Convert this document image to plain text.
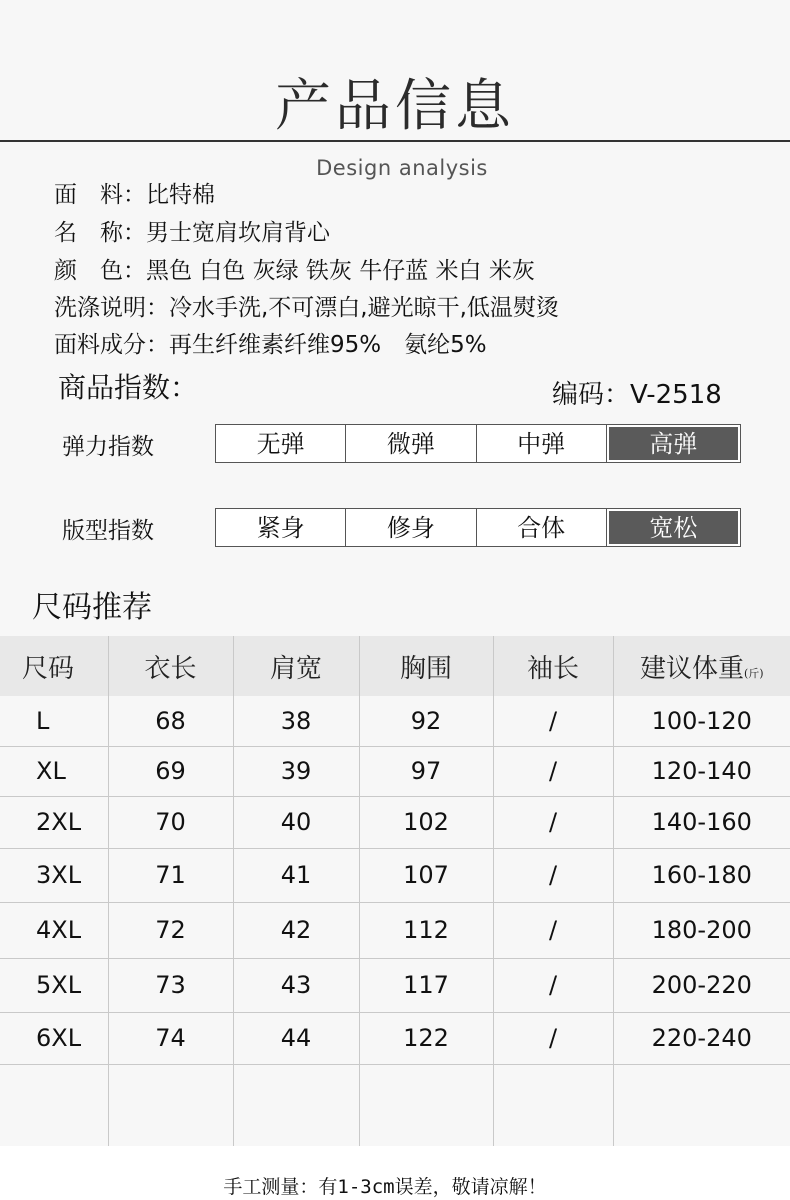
产品信息
Design analysis
面　料：比特棉
名　称：男士宽肩坎肩背心
颜　色：黑色 白色 灰绿 铁灰 牛仔蓝 米白 米灰
洗涤说明：冷水手洗,不可漂白,避光晾干,低温熨烫
面料成分：再生纤维素纤维95%　氨纶5%
商品指数：	编码：V-2518
弹力指数	无弹	微弹	中弹	高弹
版型指数	紧身	修身	合体	宽松
尺码推荐
尺码	衣长	肩宽	胸围	袖长	建议体重(斤)
L	68	38	92	/	100-120
XL	69	39	97	/	120-140
2XL	70	40	102	/	140-160
3XL	71	41	107	/	160-180
4XL	72	42	112	/	180-200
5XL	73	43	117	/	200-220
6XL	74	44	122	/	220-240

手工测量：有1-3cm误差，敬请凉解！
